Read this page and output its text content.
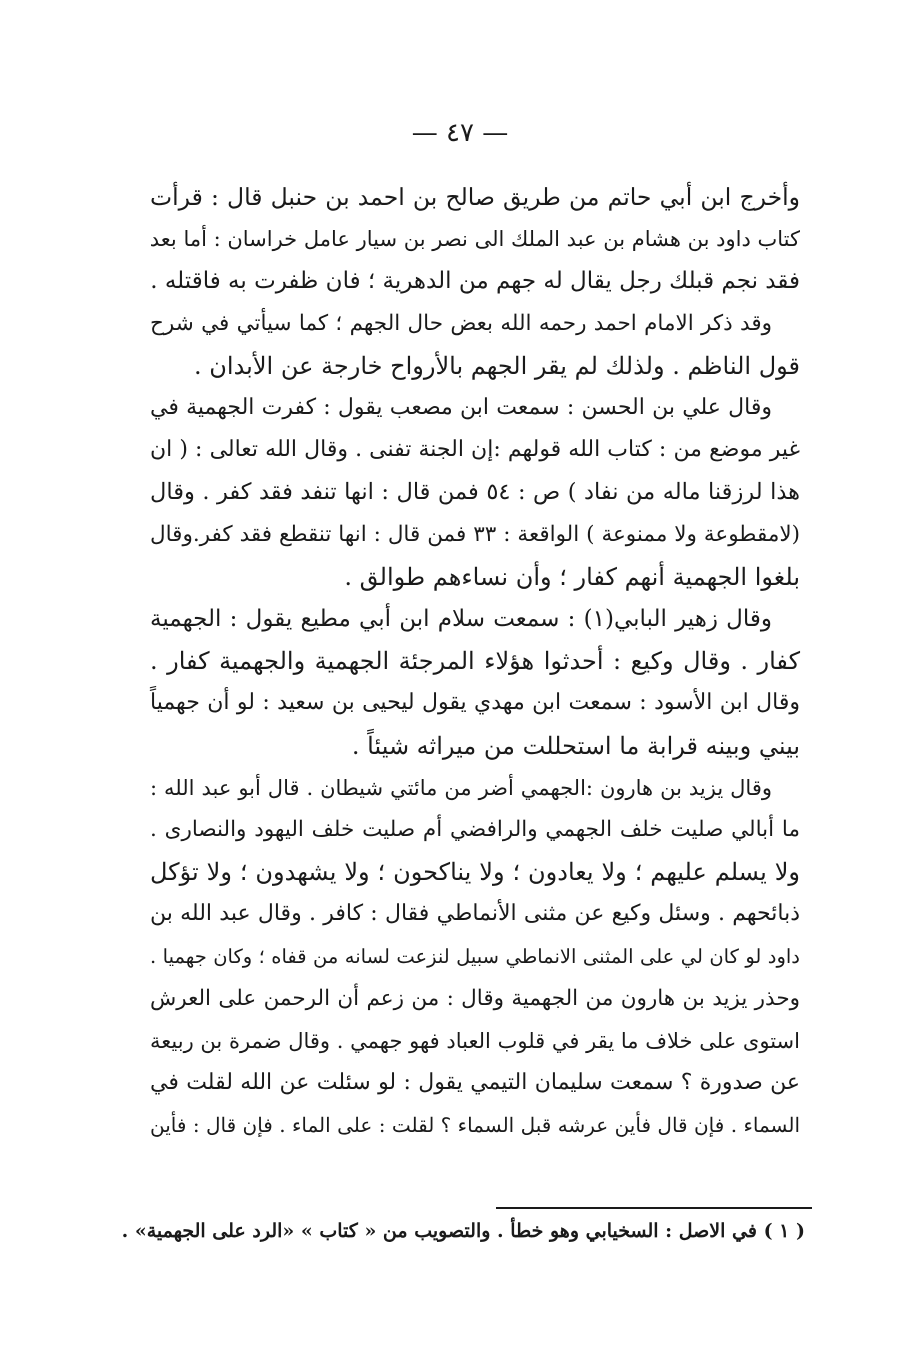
— ٤٧ —
وأخرج ابن أبي حاتم من طريق صالح بن احمد بن حنبل قال : قرأت
كتاب داود بن هشام بن عبد الملك الى نصر بن سيار عامل خراسان : أما بعد
فقد نجم قبلك رجل يقال له جهم من الدهرية ؛ فان ظفرت به فاقتله .
وقد ذكر الامام احمد رحمه الله بعض حال الجهم ؛ كما سيأتي في شرح
قول الناظم . ولذلك لم يقر الجهم بالأرواح خارجة عن الأبدان .
وقال علي بن الحسن : سمعت ابن مصعب يقول : كفرت الجهمية في
غير موضع من : كتاب الله قولهم :إن الجنة تفنى . وقال الله تعالى : ( ان
هذا لرزقنا ماله من نفاد ) ص : ٥٤ فمن قال : انها تنفد فقد كفر . وقال
(لامقطوعة ولا ممنوعة ) الواقعة : ٣٣ فمن قال : انها تنقطع فقد كفر.وقال
بلغوا الجهمية أنهم كفار ؛ وأن نساءهم طوالق .
وقال زهير البابي(١) : سمعت سلام ابن أبي مطيع يقول : الجهمية
كفار . وقال وكيع : أحدثوا هؤلاء المرجئة الجهمية والجهمية كفار .
وقال ابن الأسود : سمعت ابن مهدي يقول ليحيى بن سعيد : لو أن جهمياً
بيني وبينه قرابة ما استحللت من ميراثه شيئاً .
وقال يزيد بن هارون :الجهمي أضر من مائتي شيطان . قال أبو عبد الله :
ما أبالي صليت خلف الجهمي والرافضي أم صليت خلف اليهود والنصارى .
ولا يسلم عليهم ؛ ولا يعادون ؛ ولا يناكحون ؛ ولا يشهدون ؛ ولا تؤكل
ذبائحهم . وسئل وكيع عن مثنى الأنماطي فقال : كافر . وقال عبد الله بن
داود لو كان لي على المثنى الانماطي سبيل لنزعت لسانه من قفاه ؛ وكان جهميا .
وحذر يزيد بن هارون من الجهمية وقال : من زعم أن الرحمن على العرش
استوى على خلاف ما يقر في قلوب العباد فهو جهمي . وقال ضمرة بن ربيعة
عن صدورة ؟ سمعت سليمان التيمي يقول : لو سئلت عن الله لقلت في
السماء . فإن قال فأين عرشه قبل السماء ؟ لقلت : على الماء . فإن قال : فأين
( ١ ) في الاصل : السخيابي وهو خطأ . والتصويب من « كتاب » «الرد على الجهمية» .
